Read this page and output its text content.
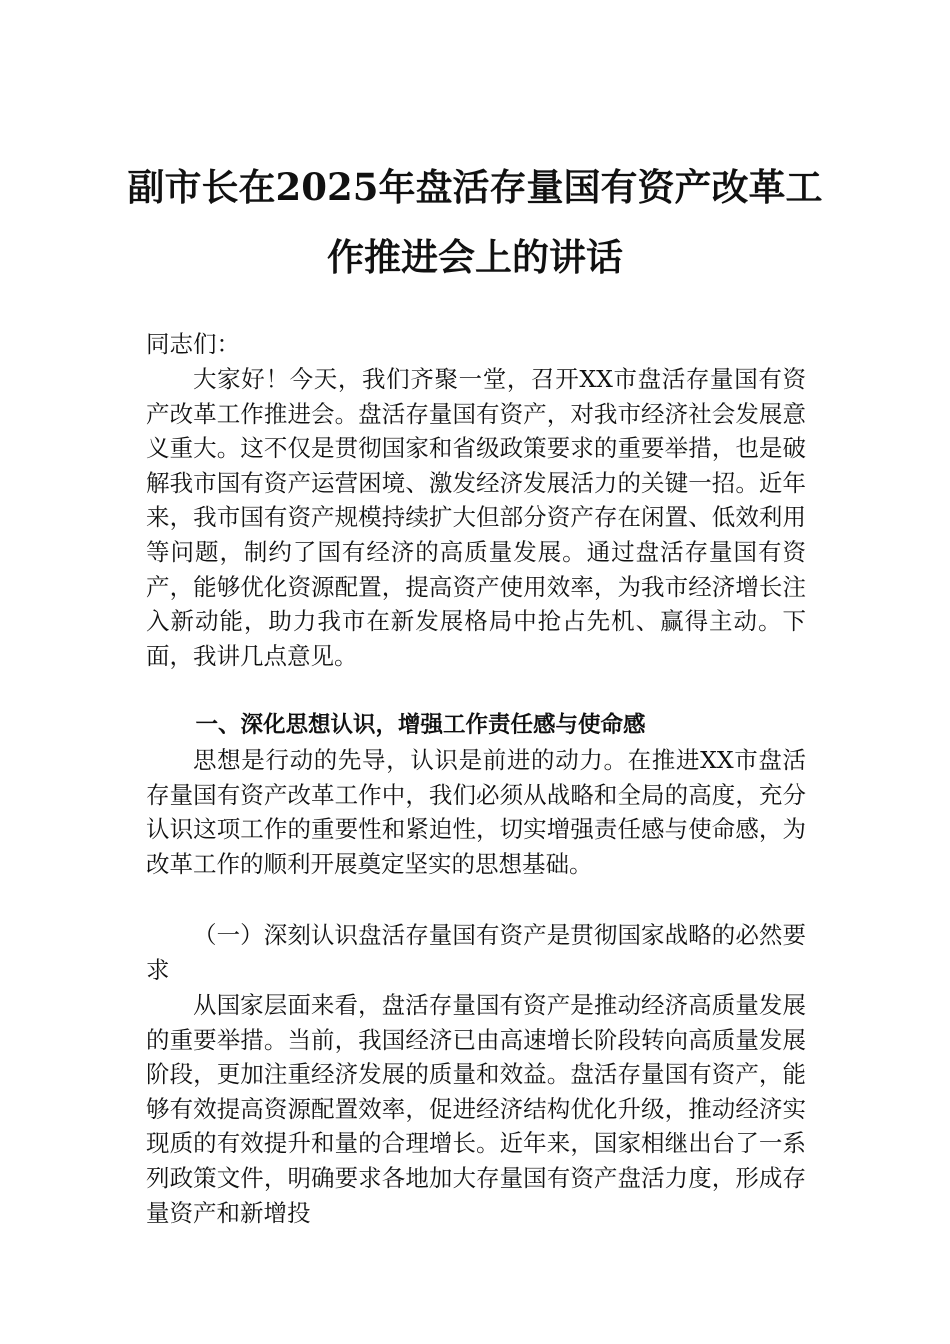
副市长在2025年盘活存量国有资产改革工
作推进会上的讲话
同志们：

大家好！今天，我们齐聚一堂，召开XX市盘活存量国有资产改革工作推进会。盘活存量国有资产，对我市经济社会发展意义重大。这不仅是贯彻国家和省级政策要求的重要举措，也是破解我市国有资产运营困境、激发经济发展活力的关键一招。近年来，我市国有资产规模持续扩大但部分资产存在闲置、低效利用等问题，制约了国有经济的高质量发展。通过盘活存量国有资产，能够优化资源配置，提高资产使用效率，为我市经济增长注入新动能，助力我市在新发展格局中抢占先机、赢得主动。下面，我讲几点意见。

一、深化思想认识，增强工作责任感与使命感

思想是行动的先导，认识是前进的动力。在推进XX市盘活存量国有资产改革工作中，我们必须从战略和全局的高度，充分认识这项工作的重要性和紧迫性，切实增强责任感与使命感，为改革工作的顺利开展奠定坚实的思想基础。

（一）深刻认识盘活存量国有资产是贯彻国家战略的必然要求

从国家层面来看，盘活存量国有资产是推动经济高质量发展的重要举措。当前，我国经济已由高速增长阶段转向高质量发展阶段，更加注重经济发展的质量和效益。盘活存量国有资产，能够有效提高资源配置效率，促进经济结构优化升级，推动经济实现质的有效提升和量的合理增长。近年来，国家相继出台了一系列政策文件，明确要求各地加大存量国有资产盘活力度，形成存量资产和新增投
